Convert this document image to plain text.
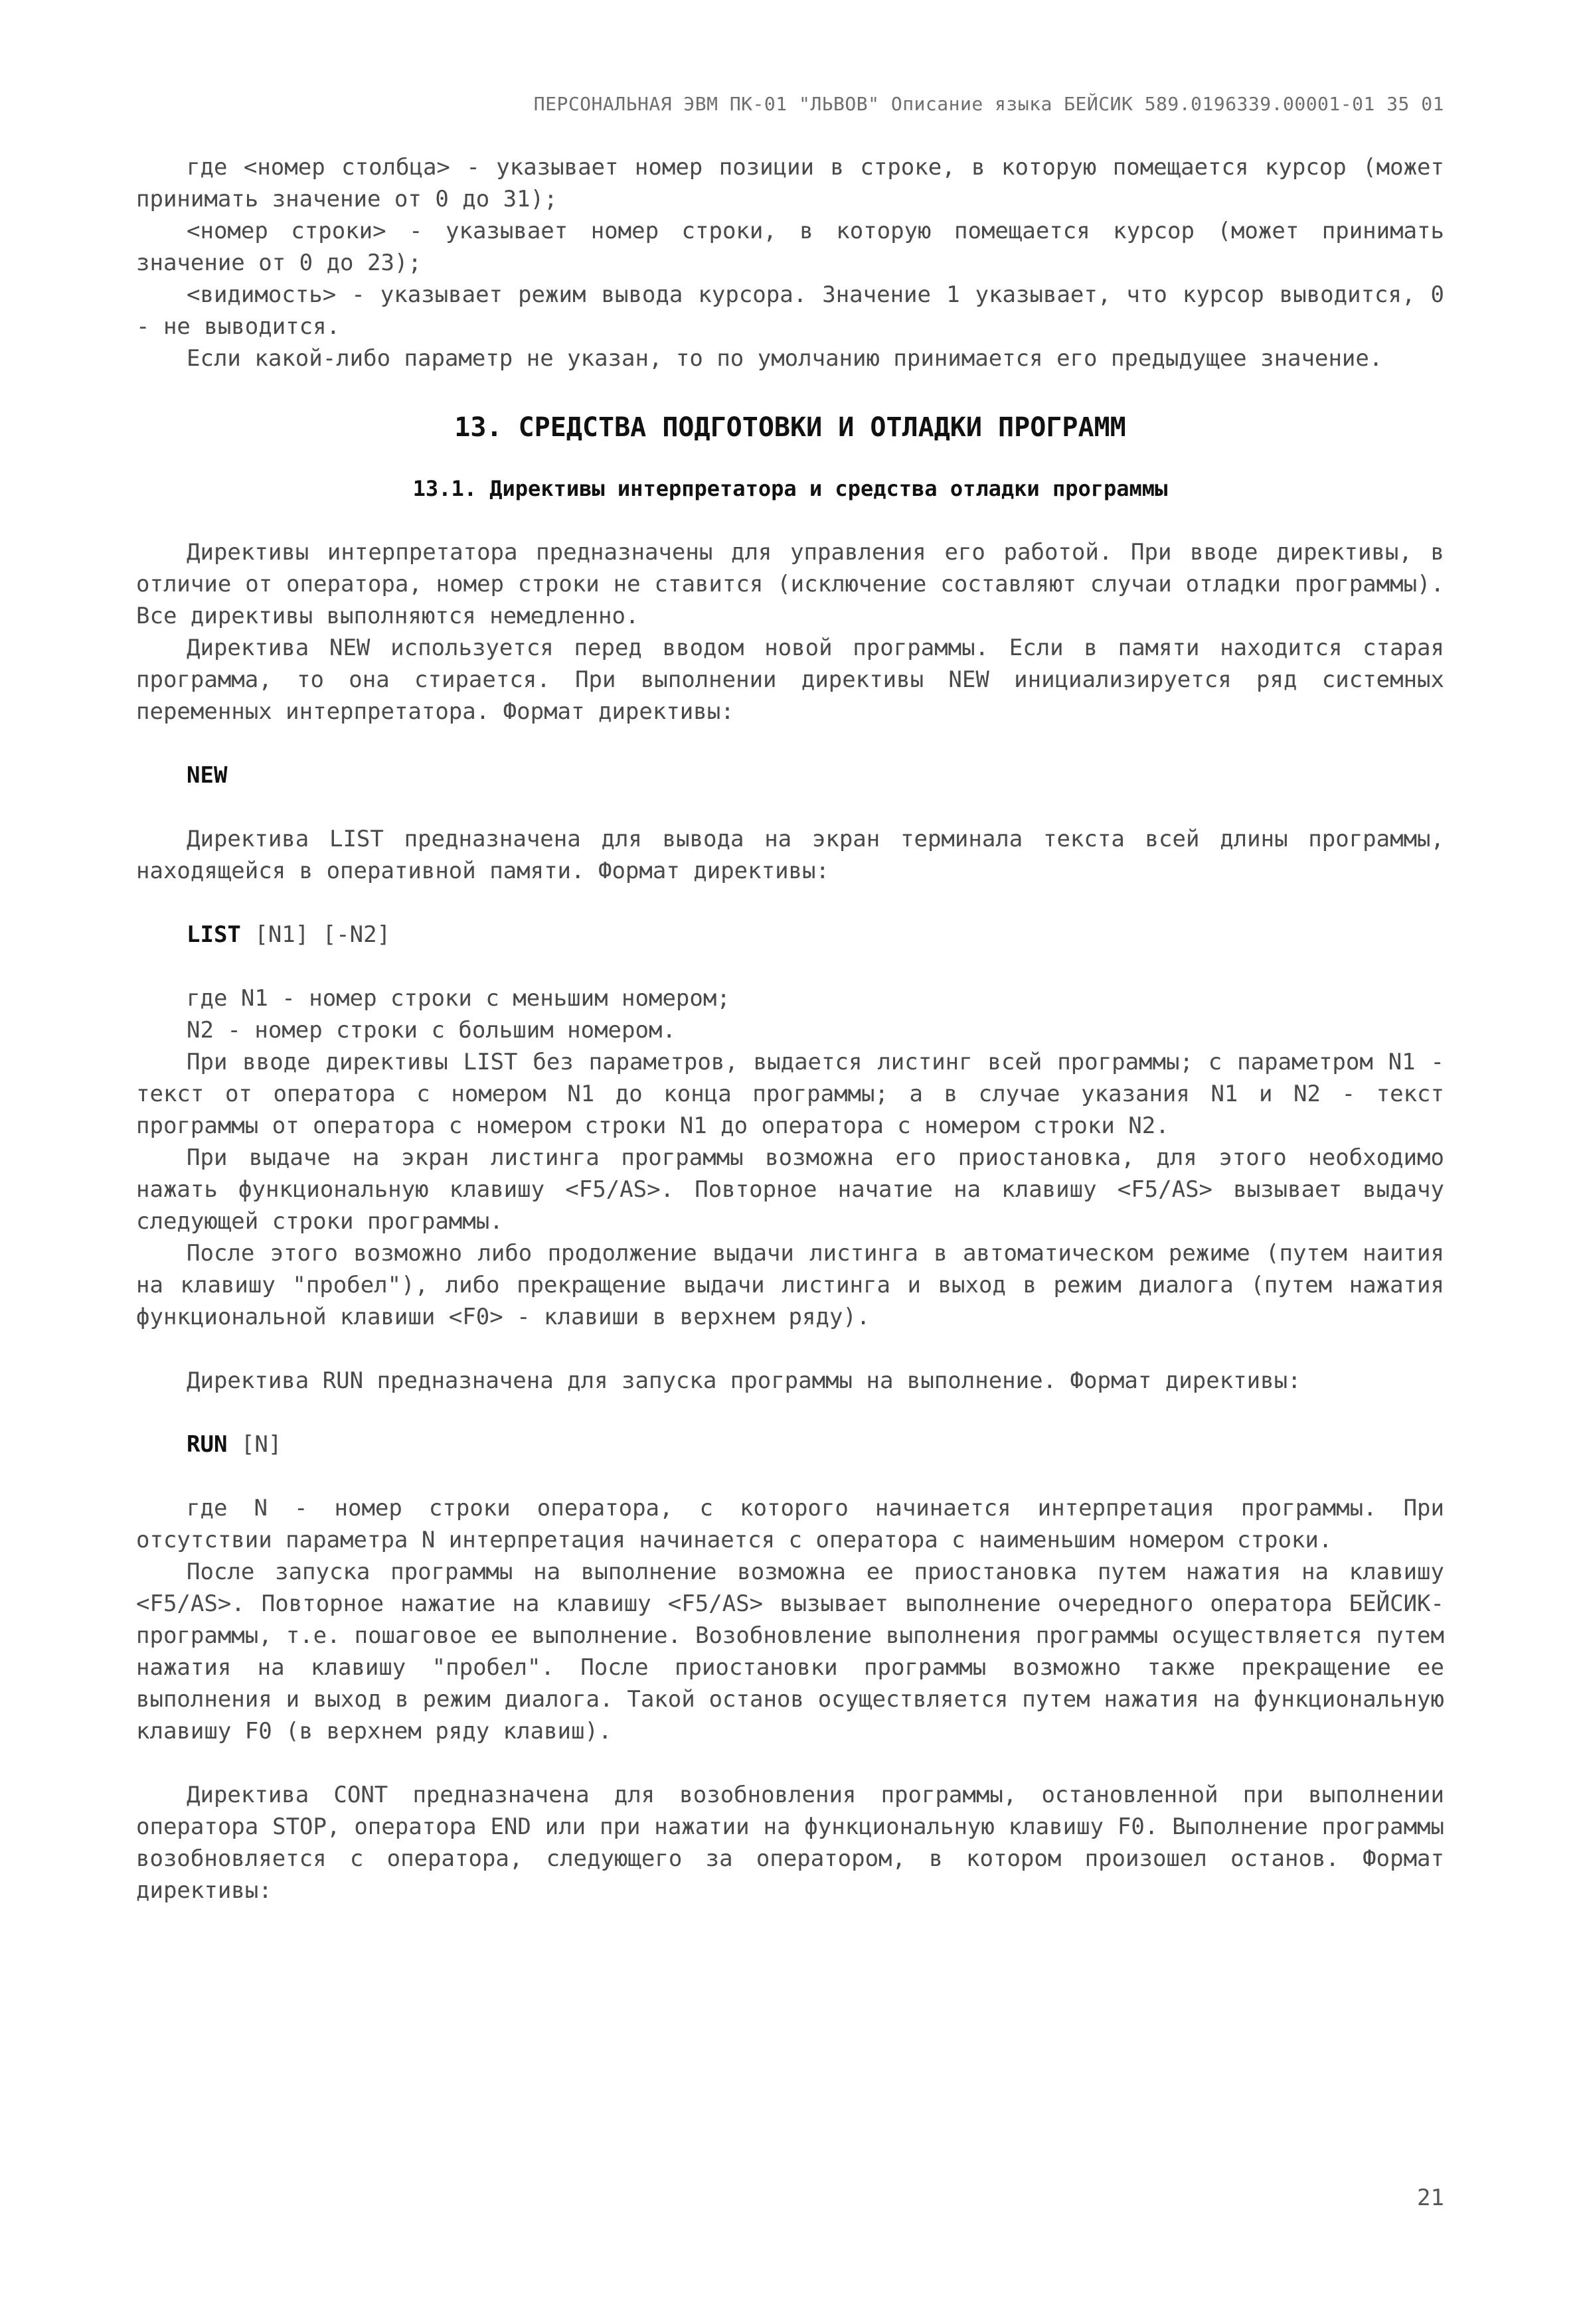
ПЕРСОНАЛЬНАЯ ЭВМ ПК-01 "ЛЬВОВ" Описание языка БЕЙСИК 589.0196339.00001-01 35 01

где <номер столбца> - указывает номер позиции в строке, в которую помещается курсор (может принимать значение от 0 до 31);

<номер строки> - указывает номер строки, в которую помещается курсор (может принимать значение от 0 до 23);

<видимость> - указывает режим вывода курсора. Значение 1 указывает, что курсор выводится, 0 - не выводится.

Если какой-либо параметр не указан, то по умолчанию принимается его предыдущее значение.

13. СРЕДСТВА ПОДГОТОВКИ И ОТЛАДКИ ПРОГРАММ
13.1. Директивы интерпретатора и средства отладки программы

Директивы интерпретатора предназначены для управления его работой. При вводе директивы, в отличие от оператора, номер строки не ставится (исключение составляют случаи отладки программы). Все директивы выполняются немедленно.

Директива NEW используется перед вводом новой программы. Если в памяти находится старая программа, то она стирается. При выполнении директивы NEW инициализируется ряд системных переменных интерпретатора. Формат директивы:

NEW

Директива LIST предназначена для вывода на экран терминала текста всей длины программы, находящейся в оперативной памяти. Формат директивы:

LIST [N1] [-N2]

где N1 - номер строки с меньшим номером;

N2 - номер строки с большим номером.

При вводе директивы LIST без параметров, выдается листинг всей программы; с параметром N1 - текст от оператора с номером N1 до конца программы; а в случае указания N1 и N2 - текст программы от оператора с номером строки N1 до оператора с номером строки N2.

При выдаче на экран листинга программы возможна его приостановка, для этого необходимо нажать функциональную клавишу <F5/AS>. Повторное начатие на клавишу <F5/AS> вызывает выдачу следующей строки программы.

После этого возможно либо продолжение выдачи листинга в автоматическом режиме (путем наития на клавишу "пробел"), либо прекращение выдачи листинга и выход в режим диалога (путем нажатия функциональной клавиши <F0> - клавиши в верхнем ряду).

Директива RUN предназначена для запуска программы на выполнение. Формат директивы:

RUN [N]

где N - номер строки оператора, с которого начинается интерпретация программы. При отсутствии параметра N интерпретация начинается с оператора с наименьшим номером строки.

После запуска программы на выполнение возможна ее приостановка путем нажатия на клавишу <F5/AS>. Повторное нажатие на клавишу <F5/AS> вызывает выполнение очередного оператора БЕЙСИК-программы, т.е. пошаговое ее выполнение. Возобновление выполнения программы осуществляется путем нажатия на клавишу "пробел". После приостановки программы возможно также прекращение ее выполнения и выход в режим диалога. Такой останов осуществляется путем нажатия на функциональную клавишу F0 (в верхнем ряду клавиш).

Директива CONT предназначена для возобновления программы, остановленной при выполнении оператора STOP, оператора END или при нажатии на функциональную клавишу F0. Выполнение программы возобновляется с оператора, следующего за оператором, в котором произошел останов. Формат директивы:

21
